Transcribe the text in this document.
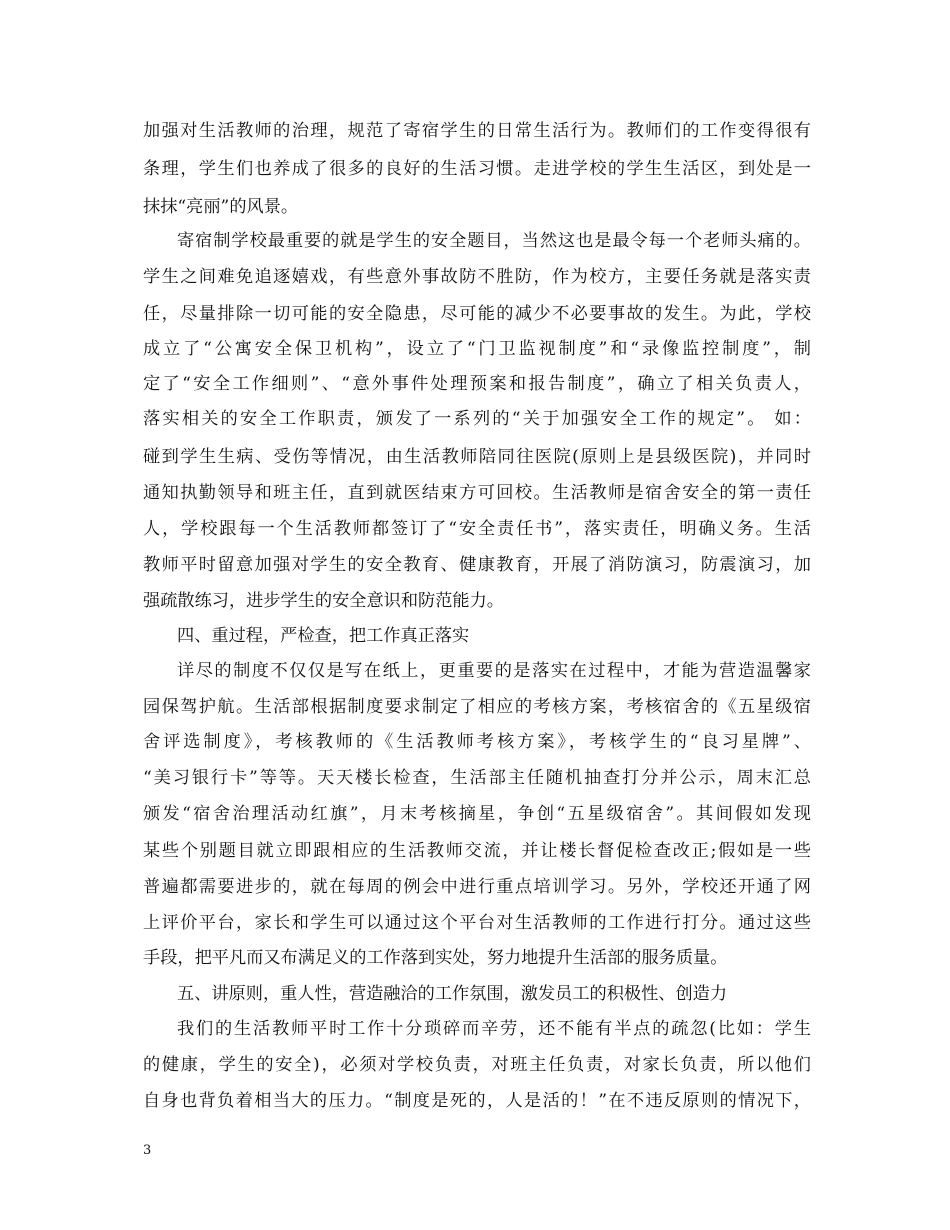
加强对生活教师的治理，规范了寄宿学生的日常生活行为。教师们的工作变得很有
条理，学生们也养成了很多的良好的生活习惯。走进学校的学生生活区，到处是一
抹抹“亮丽”的风景。
寄宿制学校最重要的就是学生的安全题目，当然这也是最令每一个老师头痛的。
学生之间难免追逐嬉戏，有些意外事故防不胜防，作为校方，主要任务就是落实责
任，尽量排除一切可能的安全隐患，尽可能的减少不必要事故的发生。为此，学校
成立了“公寓安全保卫机构”，设立了“门卫监视制度”和“录像监控制度”，制
定了“安全工作细则”、“意外事件处理预案和报告制度”，确立了相关负责人，
落实相关的安全工作职责，颁发了一系列的“关于加强安全工作的规定”。 如：
碰到学生生病、受伤等情况，由生活教师陪同往医院(原则上是县级医院)，并同时
通知执勤领导和班主任，直到就医结束方可回校。生活教师是宿舍安全的第一责任
人，学校跟每一个生活教师都签订了“安全责任书”，落实责任，明确义务。生活
教师平时留意加强对学生的安全教育、健康教育，开展了消防演习，防震演习，加
强疏散练习，进步学生的安全意识和防范能力。
四、重过程，严检查，把工作真正落实
详尽的制度不仅仅是写在纸上，更重要的是落实在过程中，才能为营造温馨家
园保驾护航。生活部根据制度要求制定了相应的考核方案，考核宿舍的《五星级宿
舍评选制度》，考核教师的《生活教师考核方案》，考核学生的“良习星牌”、
“美习银行卡”等等。天天楼长检查，生活部主任随机抽查打分并公示，周末汇总
颁发“宿舍治理活动红旗”，月末考核摘星，争创“五星级宿舍”。其间假如发现
某些个别题目就立即跟相应的生活教师交流，并让楼长督促检查改正;假如是一些
普遍都需要进步的，就在每周的例会中进行重点培训学习。另外，学校还开通了网
上评价平台，家长和学生可以通过这个平台对生活教师的工作进行打分。通过这些
手段，把平凡而又布满足义的工作落到实处，努力地提升生活部的服务质量。
五、讲原则，重人性，营造融洽的工作氛围，激发员工的积极性、创造力
我们的生活教师平时工作十分琐碎而辛劳，还不能有半点的疏忽(比如：学生
的健康，学生的安全)，必须对学校负责，对班主任负责，对家长负责，所以他们
自身也背负着相当大的压力。“制度是死的，人是活的！”在不违反原则的情况下，
3
